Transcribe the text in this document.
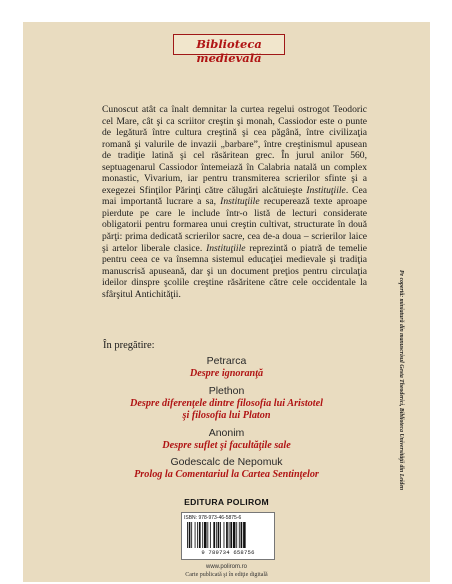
Biblioteca medievală

Cunoscut atât ca înalt demnitar la curtea regelui ostrogot Teodoric cel Mare, cât şi ca scriitor creştin şi monah, Cassiodor este o punte de legătură între cultura creştină şi cea păgână, între civilizaţia romană şi valurile de invazii „barbare”, între creştinismul apusean de tradiţie latină şi cel răsăritean grec. În jurul anilor 560, septuagenarul Cassiodor întemeiază în Calabria natală un complex monastic, Vivarium, iar pentru transmiterea scrierilor sfinte şi a exegezei Sfinţilor Părinţi către călugări alcătuieşte Instituţiile. Cea mai importantă lucrare a sa, Instituţiile recuperează texte aproape pierdute pe care le include într-o listă de lecturi considerate obligatorii pentru formarea unui creştin cultivat, structurate în două părţi: prima dedicată scrierilor sacre, cea de-a doua – scrierilor laice şi artelor liberale clasice. Instituţiile reprezintă o piatră de temelie pentru ceea ce va însemna sistemul educaţiei medievale şi tradiţia manuscrisă apuseană, dar şi un document preţios pentru circulaţia ideilor dinspre şcolile creştine răsăritene către cele occidentale la sfârşitul Antichităţii.

În pregătire:
Petrarca
Despre ignoranţă
Plethon
Despre diferenţele dintre filosofia lui Aristotel
şi filosofia lui Platon
Anonim
Despre suflet şi facultăţile sale
Godescalc de Nepomuk
Prolog la Comentariul la Cartea Sentinţelor
EDITURA POLIROM
ISBN: 978-973-46-5875-6
9 789734 658756
www.polirom.ro
Carte publicată şi în ediţie digitală
Pe copertă: miniatură din manuscrisul Gesta Theoderici, Biblioteca Universităţii din Leiden
